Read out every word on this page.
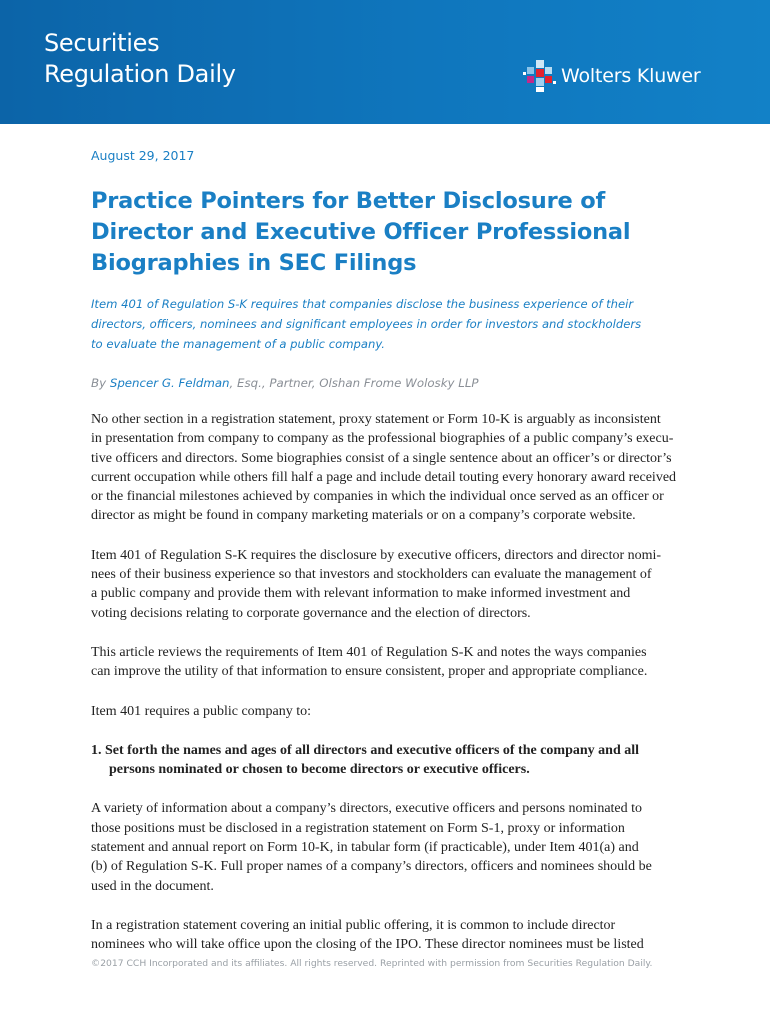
Securities
Regulation Daily	Wolters Kluwer
August 29, 2017
Practice Pointers for Better Disclosure of
Director and Executive Officer Professional
Biographies in SEC Filings
Item 401 of Regulation S-K requires that companies disclose the business experience of their
directors, officers, nominees and significant employees in order for investors and stockholders
to evaluate the management of a public company.
By Spencer G. Feldman, Esq., Partner, Olshan Frome Wolosky LLP
No other section in a registration statement, proxy statement or Form 10-K is arguably as inconsistent
in presentation from company to company as the professional biographies of a public company’s execu-
tive officers and directors. Some biographies consist of a single sentence about an officer’s or director’s
current occupation while others fill half a page and include detail touting every honorary award received
or the financial milestones achieved by companies in which the individual once served as an officer or
director as might be found in company marketing materials or on a company’s corporate website.
Item 401 of Regulation S-K requires the disclosure by executive officers, directors and director nomi-
nees of their business experience so that investors and stockholders can evaluate the management of
a public company and provide them with relevant information to make informed investment and
voting decisions relating to corporate governance and the election of directors.
This article reviews the requirements of Item 401 of Regulation S-K and notes the ways companies
can improve the utility of that information to ensure consistent, proper and appropriate compliance.
Item 401 requires a public company to:
1. Set forth the names and ages of all directors and executive officers of the company and all
persons nominated or chosen to become directors or executive officers.
A variety of information about a company’s directors, executive officers and persons nominated to
those positions must be disclosed in a registration statement on Form S-1, proxy or information
statement and annual report on Form 10-K, in tabular form (if practicable), under Item 401(a) and
(b) of Regulation S-K. Full proper names of a company’s directors, officers and nominees should be
used in the document.
In a registration statement covering an initial public offering, it is common to include director
nominees who will take office upon the closing of the IPO. These director nominees must be listed
©2017 CCH Incorporated and its affiliates. All rights reserved. Reprinted with permission from Securities Regulation Daily.
